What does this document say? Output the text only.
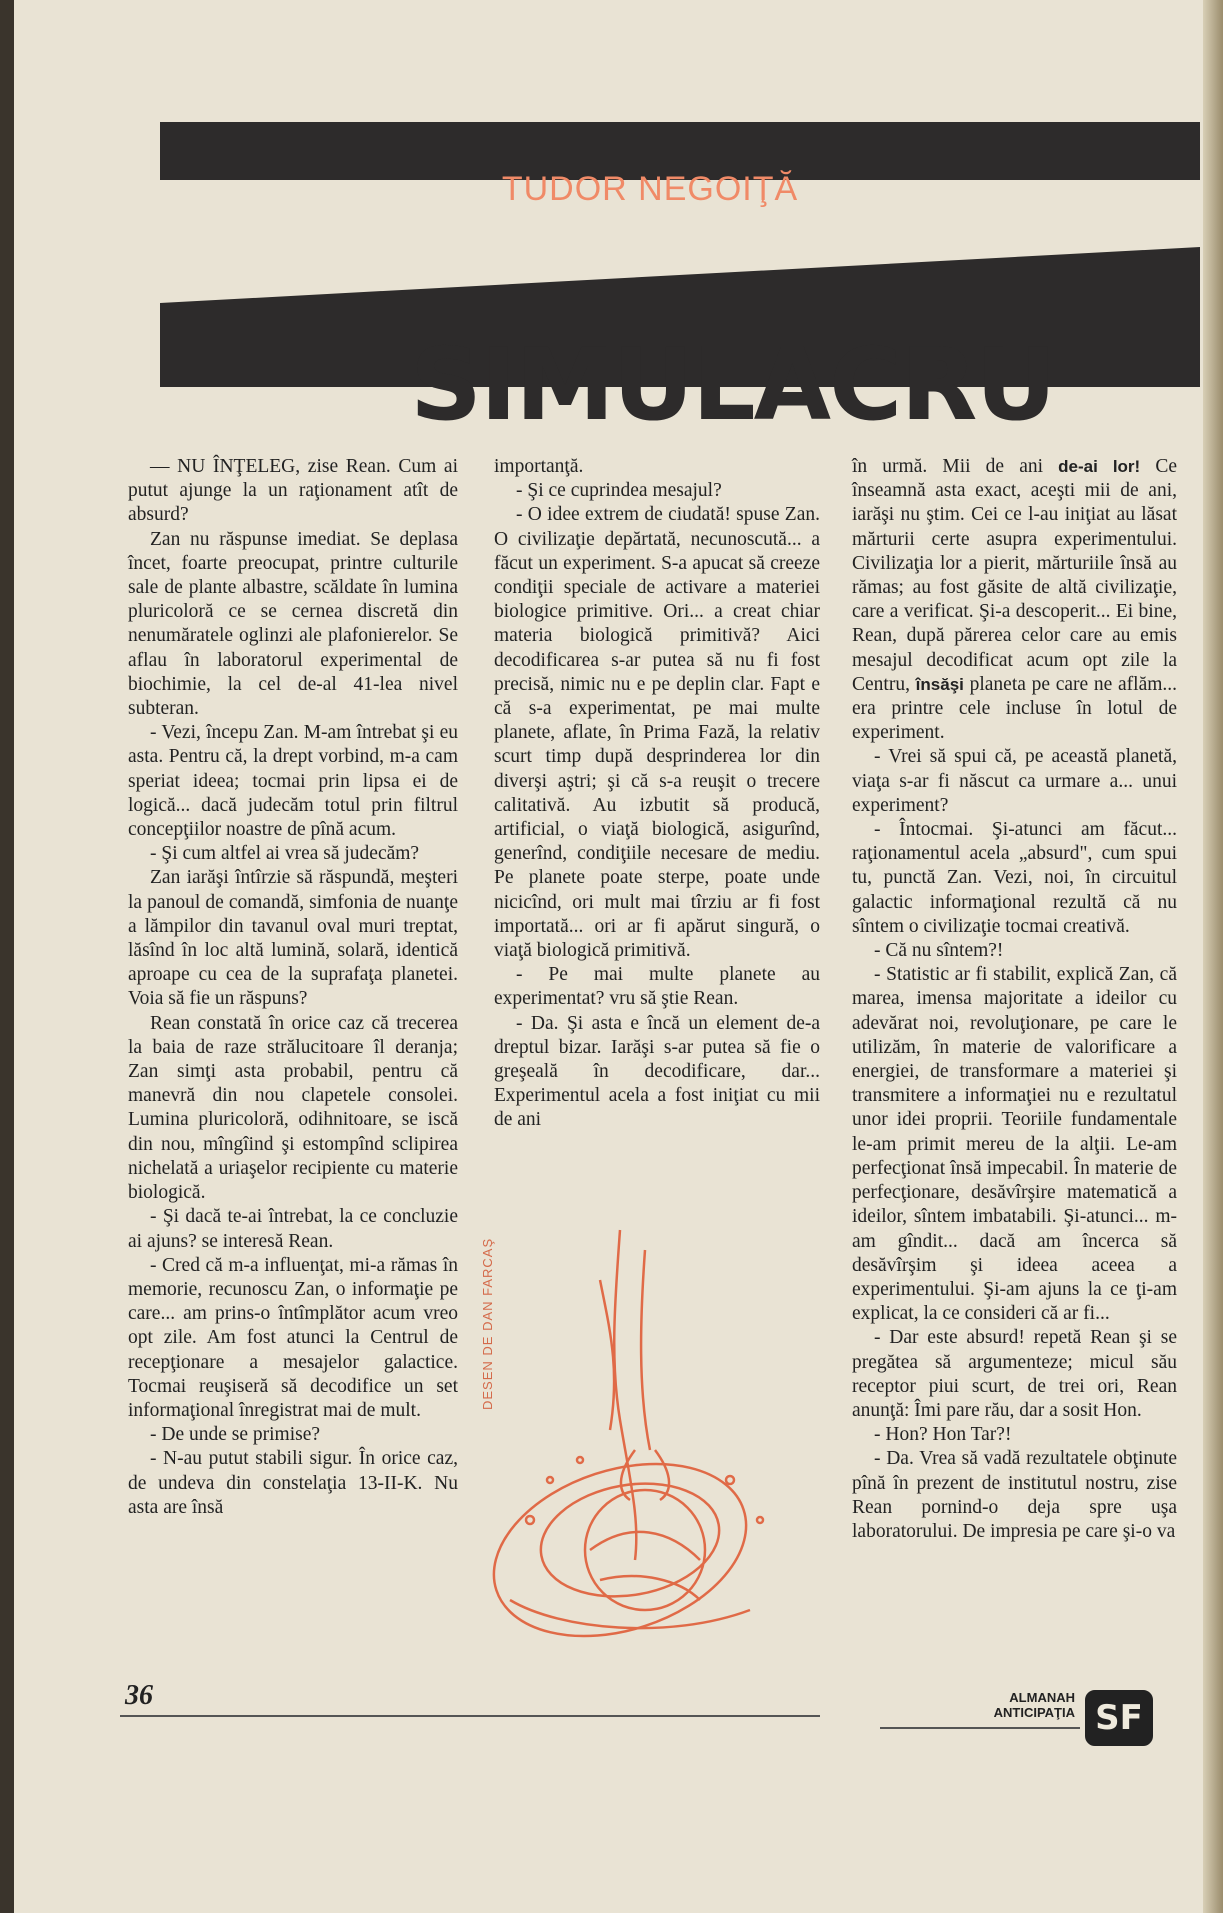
TUDOR NEGOIŢĂ
SIMULACRU

— NU ÎNŢELEG, zise Rean. Cum ai putut ajunge la un raţionament atît de absurd?

Zan nu răspunse imediat. Se deplasa încet, foarte preocupat, printre culturile sale de plante albastre, scăldate în lumina pluricoloră ce se cernea discretă din nenumăratele oglinzi ale plafonierelor. Se aflau în laboratorul experimental de biochimie, la cel de-al 41-lea nivel subteran.

- Vezi, începu Zan. M-am întrebat şi eu asta. Pentru că, la drept vorbind, m-a cam speriat ideea; tocmai prin lipsa ei de logică... dacă judecăm totul prin filtrul concepţiilor noastre de pînă acum.

- Şi cum altfel ai vrea să judecăm?

Zan iarăşi întîrzie să răspundă, meşteri la panoul de comandă, simfonia de nuanţe a lămpilor din tavanul oval muri treptat, lăsînd în loc altă lumină, solară, identică aproape cu cea de la suprafaţa planetei. Voia să fie un răspuns?

Rean constată în orice caz că trecerea la baia de raze strălucitoare îl deranja; Zan simţi asta probabil, pentru că manevră din nou clapetele consolei. Lumina pluricoloră, odihnitoare, se iscă din nou, mîngîind şi estompînd sclipirea nichelată a uriaşelor recipiente cu materie biologică.

- Şi dacă te-ai întrebat, la ce concluzie ai ajuns? se interesă Rean.

- Cred că m-a influenţat, mi-a rămas în memorie, recunoscu Zan, o informaţie pe care... am prins-o întîmplător acum vreo opt zile. Am fost atunci la Centrul de recepţionare a mesajelor galactice. Tocmai reuşiseră să decodifice un set informaţional înregistrat mai de mult.

- De unde se primise?

- N-au putut stabili sigur. În orice caz, de undeva din constelaţia 13-II-K. Nu asta are însă

importanţă.

- Şi ce cuprindea mesajul?

- O idee extrem de ciudată! spuse Zan. O civilizaţie depărtată, necunoscută... a făcut un experiment. S-a apucat să creeze condiţii speciale de activare a materiei biologice primitive. Ori... a creat chiar materia biologică primitivă? Aici decodificarea s-ar putea să nu fi fost precisă, nimic nu e pe deplin clar. Fapt e că s-a experimentat, pe mai multe planete, aflate, în Prima Fază, la relativ scurt timp după desprinderea lor din diverşi aştri; şi că s-a reuşit o trecere calitativă. Au izbutit să producă, artificial, o viaţă biologică, asigurînd, generînd, condiţiile necesare de mediu. Pe planete poate sterpe, poate unde nicicînd, ori mult mai tîrziu ar fi fost importată... ori ar fi apărut singură, o viaţă biologică primitivă.

- Pe mai multe planete au experimentat? vru să ştie Rean.

- Da. Şi asta e încă un element de-a dreptul bizar. Iarăşi s-ar putea să fie o greşeală în decodificare, dar... Experimentul acela a fost iniţiat cu mii de ani

DESEN DE DAN FARCAŞ

în urmă. Mii de ani de-ai lor! Ce înseamnă asta exact, aceşti mii de ani, iarăşi nu ştim. Cei ce l-au iniţiat au lăsat mărturii certe asupra experimentului. Civilizaţia lor a pierit, mărturiile însă au rămas; au fost găsite de altă civilizaţie, care a verificat. Şi-a descoperit... Ei bine, Rean, după părerea celor care au emis mesajul decodificat acum opt zile la Centru, însăşi planeta pe care ne aflăm... era printre cele incluse în lotul de experiment.

- Vrei să spui că, pe această planetă, viaţa s-ar fi născut ca urmare a... unui experiment?

- Întocmai. Şi-atunci am făcut... raţionamentul acela „absurd", cum spui tu, punctă Zan. Vezi, noi, în circuitul galactic informaţional rezultă că nu sîntem o civilizaţie tocmai creativă.

- Că nu sîntem?!

- Statistic ar fi stabilit, explică Zan, că marea, imensa majoritate a ideilor cu adevărat noi, revoluţionare, pe care le utilizăm, în materie de valorificare a energiei, de transformare a materiei şi transmitere a informaţiei nu e rezultatul unor idei proprii. Teoriile fundamentale le-am primit mereu de la alţii. Le-am perfecţionat însă impecabil. În materie de perfecţionare, desăvîrşire matematică a ideilor, sîntem imbatabili. Şi-atunci... m-am gîndit... dacă am încerca să desăvîrşim şi ideea aceea a experimentului. Şi-am ajuns la ce ţi-am explicat, la ce consideri că ar fi...

- Dar este absurd! repetă Rean şi se pregătea să argumenteze; micul său receptor piui scurt, de trei ori, Rean anunţă: Îmi pare rău, dar a sosit Hon.

- Hon? Hon Tar?!

- Da. Vrea să vadă rezultatele obţinute pînă în prezent de institutul nostru, zise Rean pornind-o deja spre uşa laboratorului. De impresia pe care şi-o va

36	ALMANAH
ANTICIPAŢIA SF
